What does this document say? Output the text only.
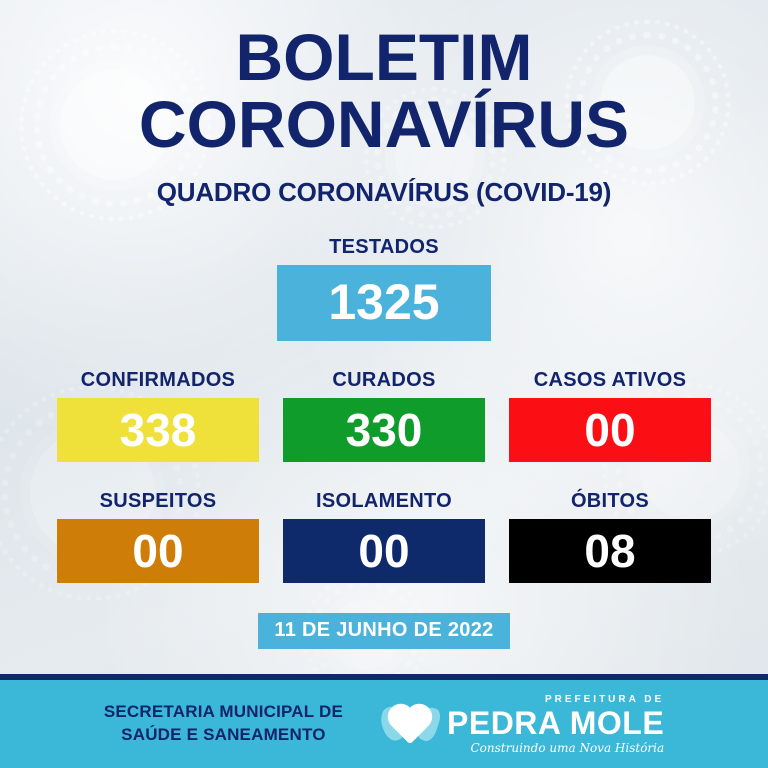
BOLETIM
CORONAVÍRUS
QUADRO CORONAVÍRUS (COVID-19)
TESTADOS
1325
CONFIRMADOS
338
CURADOS
330
CASOS ATIVOS
00
SUSPEITOS
00
ISOLAMENTO
00
ÓBITOS
08
11 DE JUNHO DE 2022
SECRETARIA MUNICIPAL DE
SAÚDE E SANEAMENTO
PREFEITURA DE
PEDRA MOLE
Construindo uma Nova História
